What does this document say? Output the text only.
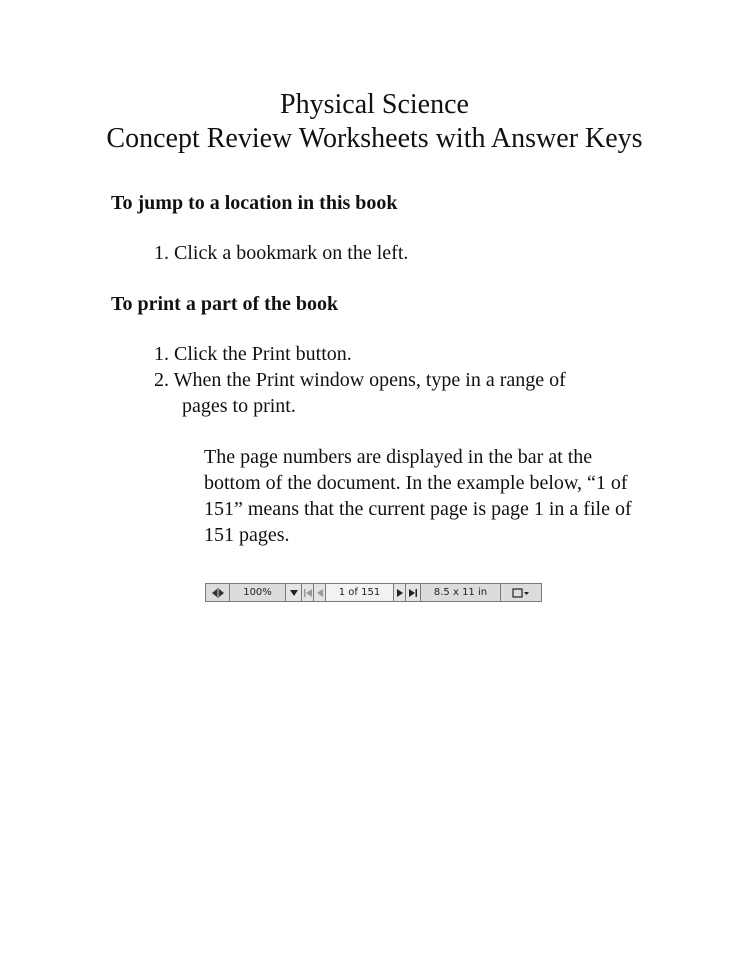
Physical Science
Concept Review Worksheets with Answer Keys
To jump to a location in this book
1. Click a bookmark on the left.
To print a part of the book
1. Click the Print button.
2. When the Print window opens, type in a range of
pages to print.

The page numbers are displayed in the bar at the bottom of the document. In the example below, “1 of 151” means that the current page is page 1 in a file of 151 pages.

100%	1 of 151	8.5 x 11 in
